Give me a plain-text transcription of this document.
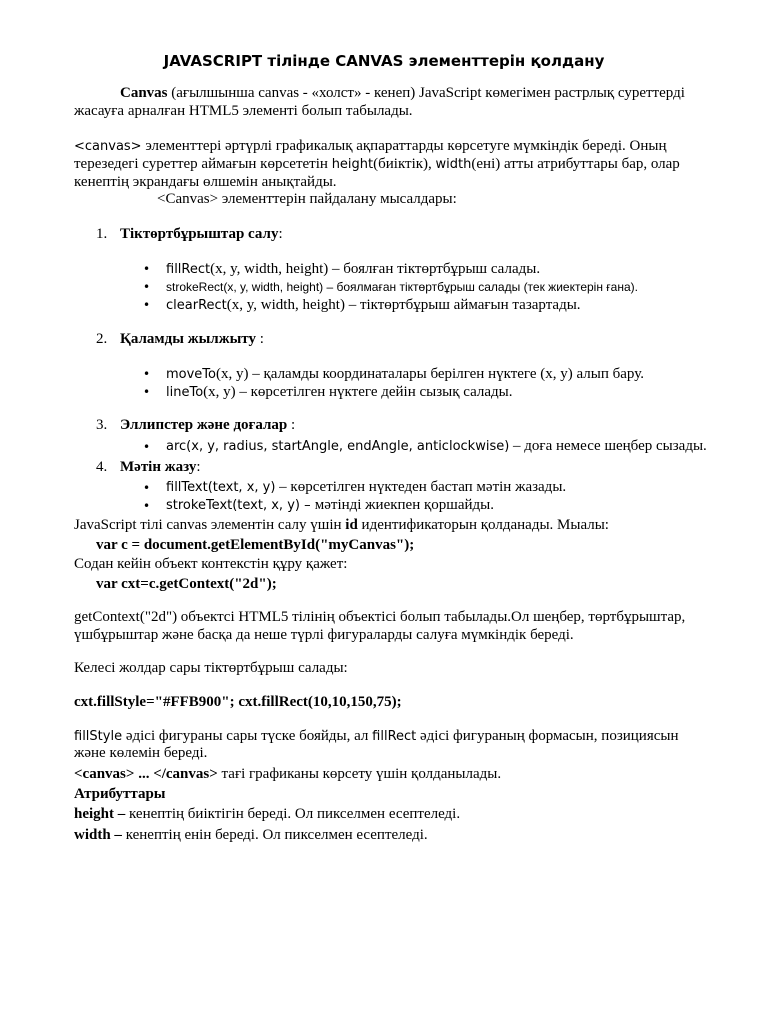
JAVASCRIPT тілінде CANVAS элементтерін қолдану
Canvas (ағылшынша canvas - «холст» - кенеп) JavaScript көмегімен растрлық суреттерді
жасауға арналған HTML5 элементі болып табылады.
<canvas> элементтері әртүрлі графикалық ақпараттарды көрсетуге мүмкіндік береді. Оның
терезедегі суреттер аймағын көрсететін height(биіктік), width(ені) атты атрибуттары бар, олар
кенептің экрандағы өлшемін анықтайды.
<Canvas> элементтерін пайдалану мысалдары:
1. Тіктөртбұрыштар салу:
• fillRect(x, y, width, height) – боялған тіктөртбұрыш салады.
• strokeRect(x, y, width, height) – боялмаған тіктөртбұрыш салады (тек жиектерін ғана).
• clearRect(x, y, width, height) – тіктөртбұрыш аймағын тазартады.
2. Қаламды жылжыту :
• moveTo(x, y) – қаламды координаталары берілген нүктеге (x, y) алып бару.
• lineTo(x, y) – көрсетілген нүктеге дейін сызық салады.
3. Эллипстер және доғалар :
• arc(x, y, radius, startAngle, endAngle, anticlockwise) – доға немесе шеңбер сызады.
4. Мәтін жазу:
• fillText(text, x, y) – көрсетілген нүктеден бастап мәтін жазады.
• strokeText(text, x, y) – мәтінді жиекпен қоршайды.
JavaScript тілі canvas элементін салу үшін id идентификаторын қолданады. Мыалы:
var c = document.getElementById("myCanvas");
Содан кейін объект контекстін құру қажет:
var cxt=c.getContext("2d");
getContext("2d") объектсі HTML5 тілінің объектісі болып табылады.Ол шеңбер, төртбұрыштар,
үшбұрыштар және басқа да неше түрлі фигураларды салуға мүмкіндік береді.
Келесі жолдар сары тіктөртбұрыш салады:
cxt.fillStyle="#FFB900"; cxt.fillRect(10,10,150,75);
fillStyle әдісі фигураны сары түске бояйды, ал fillRect әдісі фигураның формасын, позициясын
және көлемін береді.
<canvas> ... </canvas> тағі графиканы көрсету үшін қолданылады.
Атрибуттары
height – кенептің биіктігін береді. Ол пикселмен есептеледі.
width – кенептің енін береді. Ол пикселмен есептеледі.
